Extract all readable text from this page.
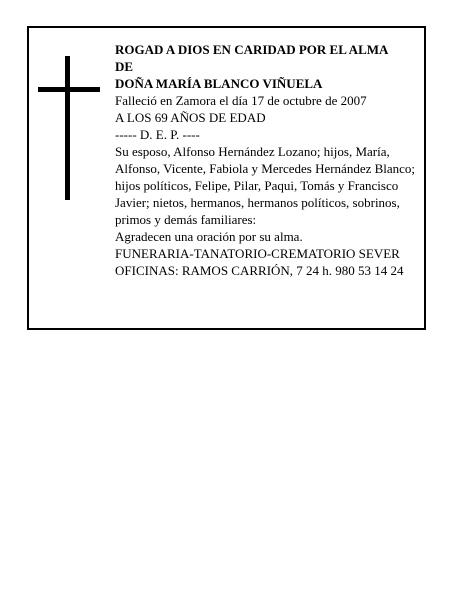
ROGAD A DIOS EN CARIDAD POR EL ALMA

DE

DOÑA MARÍA BLANCO VIÑUELA

Falleció en Zamora el día 17 de octubre de 2007

A LOS 69 AÑOS DE EDAD

----- D. E. P. ----

Su esposo, Alfonso Hernández Lozano; hijos, María, Alfonso, Vicente, Fabiola y Mercedes Hernández Blanco; hijos políticos, Felipe, Pilar, Paqui, Tomás y Francisco Javier; nietos, hermanos, hermanos políticos, sobrinos, primos y demás familiares:

Agradecen una oración por su alma.

FUNERARIA-TANATORIO-CREMATORIO SEVER

OFICINAS: RAMOS CARRIÓN, 7 24 h. 980 53 14 24
